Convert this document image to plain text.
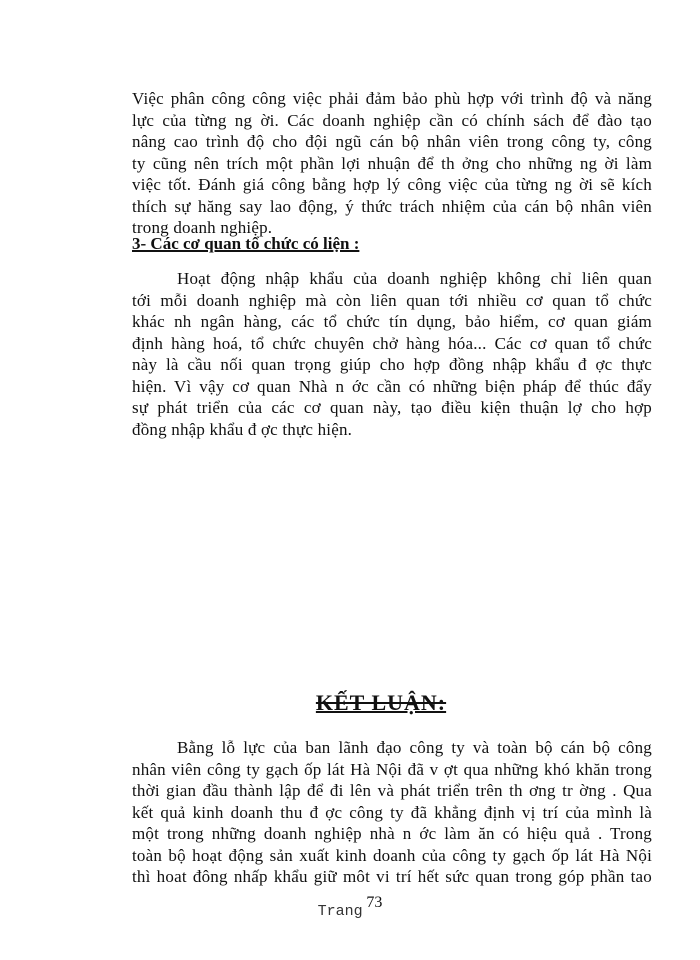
Việc phân công công việc phải đảm bảo phù hợp với trình độ và năng
lực của từng ng ời. Các doanh nghiệp cần có chính sách để đào tạo
nâng cao trình độ cho đội ngũ cán bộ nhân viên trong công ty, công
ty cũng nên trích một phần lợi nhuận để th ởng cho những ng ời làm
việc tốt. Đánh giá công bằng hợp lý công việc của từng ng ời sẽ kích
thích sự hăng say lao động, ý thức trách nhiệm của cán bộ nhân viên
trong doanh nghiệp.
3- Các cơ quan tổ chức có liện :
Hoạt động nhập khẩu của doanh nghiệp không chỉ liên quan
tới mỗi doanh nghiệp mà còn liên quan tới nhiều cơ quan tổ chức
khác nh ngân hàng, các tổ chức tín dụng, bảo hiểm, cơ quan giám
định hàng hoá, tổ chức chuyên chở hàng hóa... Các cơ quan tổ chức
này là cầu nối quan trọng giúp cho hợp đồng nhập khẩu đ ợc thực
hiện. Vì vậy cơ quan Nhà n ớc cần có những biện pháp để thúc đẩy
sự phát triển của các cơ quan này, tạo điều kiện thuận lợ cho hợp
đồng nhập khẩu đ ợc thực hiện.
KẾT LUẬN:
Bằng lỗ lực của ban lãnh đạo công ty và toàn bộ cán bộ công
nhân viên công ty gạch ốp lát Hà Nội đã v ợt qua những khó khăn trong
thời gian đầu thành lập để đi lên và phát triển trên th ơng tr ờng . Qua
kết quả kinh doanh thu đ ợc công ty đã khẳng định vị trí của mình là
một trong những doanh nghiệp nhà n ớc làm ăn có hiệu quả . Trong
toàn bộ hoạt động sản xuất kinh doanh của công ty gạch ốp lát Hà Nội
thì hoat đông nhấp khẩu giữ môt vi trí hết sức quan trong góp phần tao
Trang 73
